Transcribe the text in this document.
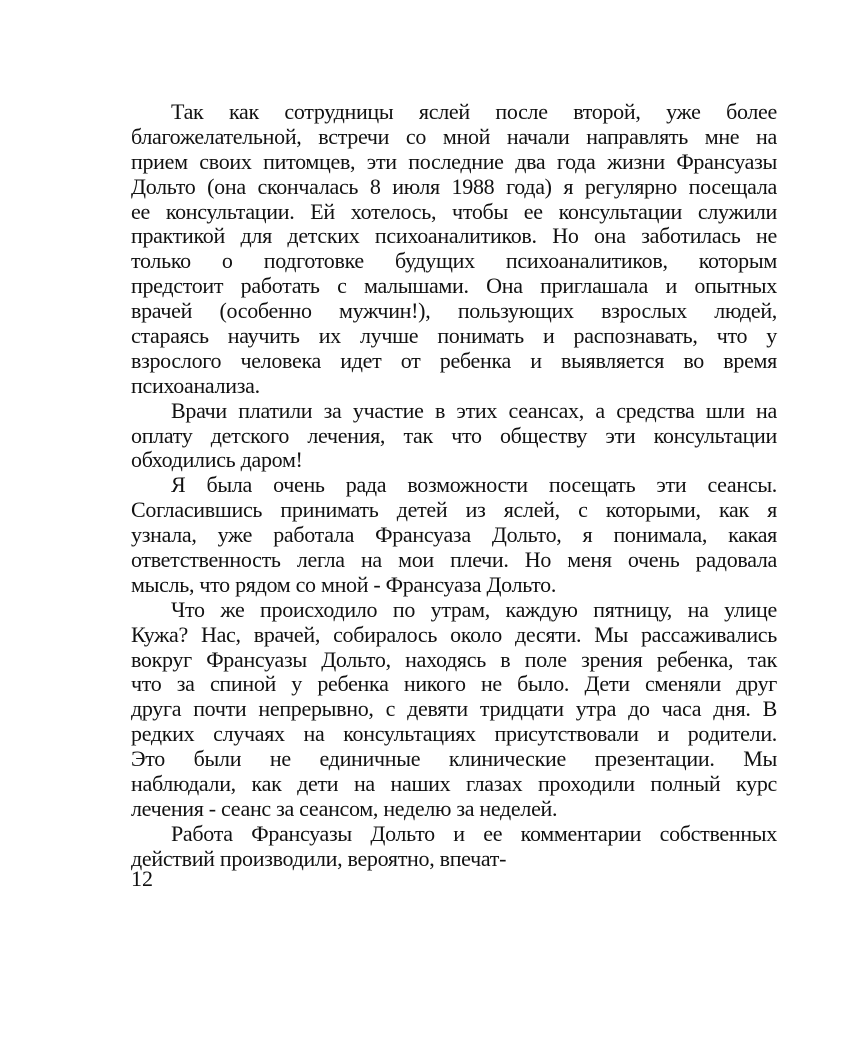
Так как сотрудницы яслей после второй, уже более
благожелательной, встречи со мной начали направлять мне на
прием своих питомцев, эти последние два года жизни Франсуазы
Дольто (она скончалась 8 июля 1988 года) я регулярно посещала
ее консультации. Ей хотелось, чтобы ее консультации служили
практикой для детских психоаналитиков. Но она заботилась не
только о подготовке будущих психоаналитиков, которым
предстоит работать с малышами. Она приглашала и опытных
врачей (особенно мужчин!), пользующих взрослых людей,
стараясь научить их лучше понимать и распознавать, что у
взрослого человека идет от ребенка и выявляется во время
психоанализа.
Врачи платили за участие в этих сеансах, а средства шли на
оплату детского лечения, так что обществу эти консультации
обходились даром!
Я была очень рада возможности посещать эти сеансы.
Согласившись принимать детей из яслей, с которыми, как я
узнала, уже работала Франсуаза Дольто, я понимала, какая
ответственность легла на мои плечи. Но меня очень радовала
мысль, что рядом со мной - Франсуаза Дольто.
Что же происходило по утрам, каждую пятницу, на улице
Кужа? Нас, врачей, собиралось около десяти. Мы рассаживались
вокруг Франсуазы Дольто, находясь в поле зрения ребенка, так
что за спиной у ребенка никого не было. Дети сменяли друг
друга почти непрерывно, с девяти тридцати утра до часа дня. В
редких случаях на консультациях присутствовали и родители.
Это были не единичные клинические презентации. Мы
наблюдали, как дети на наших глазах проходили полный курс
лечения - сеанс за сеансом, неделю за неделей.
Работа Франсуазы Дольто и ее комментарии собственных
действий производили, вероятно, впечат-
12
